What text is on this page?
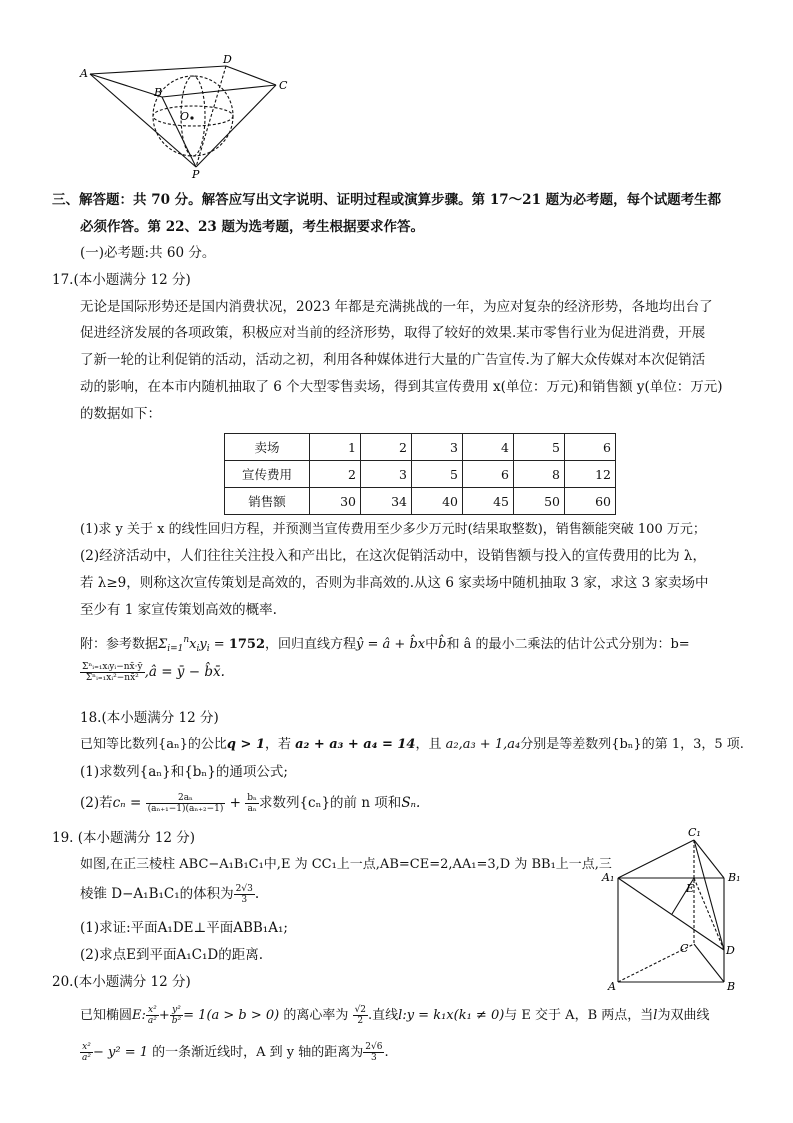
A
B
D
C
O
P
三、解答题：共 70 分。解答应写出文字说明、证明过程或演算步骤。第 17～21 题为必考题，每个试题考生都
必须作答。第 22、23 题为选考题，考生根据要求作答。
(一)必考题:共 60 分。
17.(本小题满分 12 分)
无论是国际形势还是国内消费状况，2023 年都是充满挑战的一年，为应对复杂的经济形势，各地均出台了
促进经济发展的各项政策，积极应对当前的经济形势，取得了较好的效果.某市零售行业为促进消费，开展
了新一轮的让利促销的活动，活动之初，利用各种媒体进行大量的广告宣传.为了解大众传媒对本次促销活
动的影响，在本市内随机抽取了 6 个大型零售卖场，得到其宣传费用 x(单位：万元)和销售额 y(单位：万元)
的数据如下：
卖场	1	2	3	4	5	6
宣传费用	2	3	5	6	8	12
销售额	30	34	40	45	50	60
(1)求 y 关于 x 的线性回归方程，并预测当宣传费用至少多少万元时(结果取整数)，销售额能突破 100 万元；
(2)经济活动中，人们往往关注投入和产出比，在这次促销活动中，设销售额与投入的宣传费用的比为 λ，
若 λ≥9，则称这次宣传策划是高效的，否则为非高效的.从这 6 家卖场中随机抽取 3 家，求这 3 家卖场中
至少有 1 家宣传策划高效的概率.
附：参考数据$\Sigma_{i=1}^nx_iy_i = 1752$，回归直线方程ŷ = â + b̂x中b̂和 â 的最小二乘法的估计公式分别为：b=
$\frac{\text{Σⁿᵢ₌₁xᵢyᵢ−nx̄·ȳ}}{\text{Σⁿᵢ₌₁xᵢ²−nx̄²}}$ ,â = ȳ − b̂x̄.
18.(本小题满分 12 分)
已知等比数列{aₙ}的公比q > 1，若 a₂ + a₃ + a₄ = 14，且 a₂,a₃ + 1,a₄分别是等差数列{bₙ}的第 1，3，5 项.
(1)求数列{aₙ}和{bₙ}的通项公式;
(2)若$c_n = \frac{\text{2aₙ}}{\text{(aₙ₊₁−1)(aₙ₊₂−1)}} + \frac{\text{bₙ}}{\text{aₙ}}$ 求数列{cₙ}的前 n 项和Sₙ.
19. (本小题满分 12 分)
如图,在正三棱柱 ABC−A₁B₁C₁中,E 为 CC₁上一点,AB=CE=2,AA₁=3,D 为 BB₁上一点,三
棱锥 D−A₁B₁C₁的体积为 $\frac{2√3}{3}$ .
(1)求证:平面A₁DE⊥平面ABB₁A₁;
(2)求点E到平面A₁C₁D的距离.
C₁
A₁	B₁
E
C	D
A	B
20.(本小题满分 12 分)
已知椭圆E: $\frac{\text{x²}}{\text{a²}} + \frac{\text{y²}}{\text{b²}} = 1(a > b > 0)$ 的离心率为 $\frac{√2}{2}$ .直线l:y = k₁x(k₁ ≠ 0)与 E 交于 A，B 两点，当l为双曲线
$\frac{\text{x²}}{\text{a²}} - y^2 = 1$ 的一条渐近线时，A 到 y 轴的距离为 $\frac{2√6}{3}$ .
